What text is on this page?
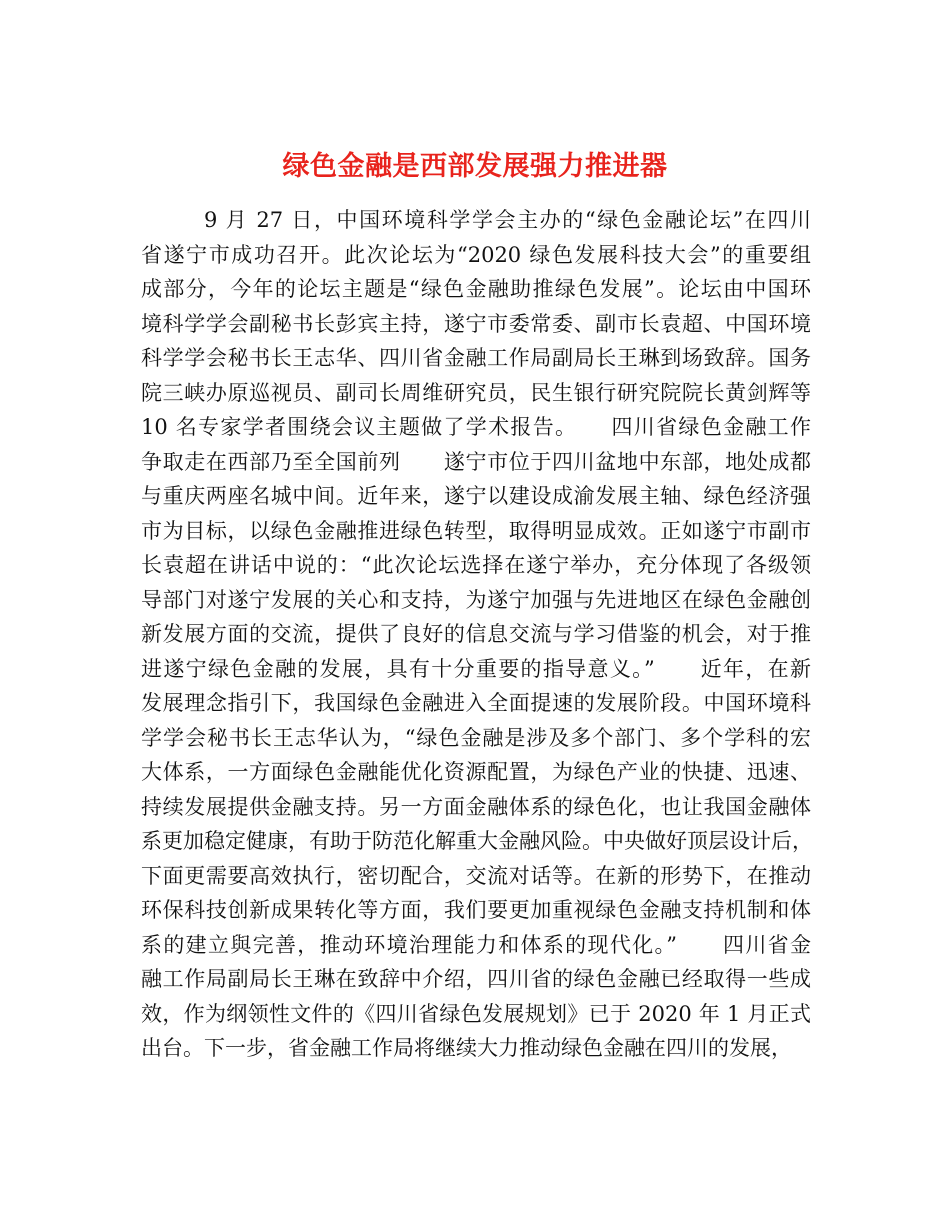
绿色金融是西部发展强力推进器
9 月 27 日，中国环境科学学会主办的“绿色金融论坛”在四川
省遂宁市成功召开。此次论坛为“2020 绿色发展科技大会”的重要组
成部分，今年的论坛主题是“绿色金融助推绿色发展”。论坛由中国环
境科学学会副秘书长彭宾主持，遂宁市委常委、副市长袁超、中国环境
科学学会秘书长王志华、四川省金融工作局副局长王琳到场致辞。国务
院三峡办原巡视员、副司长周维研究员，民生银行研究院院长黄剑辉等
10 名专家学者围绕会议主题做了学术报告。　　四川省绿色金融工作
争取走在西部乃至全国前列　　遂宁市位于四川盆地中东部，地处成都
与重庆两座名城中间。近年来，遂宁以建设成渝发展主轴、绿色经济强
市为目标，以绿色金融推进绿色转型，取得明显成效。正如遂宁市副市
长袁超在讲话中说的：“此次论坛选择在遂宁举办，充分体现了各级领
导部门对遂宁发展的关心和支持，为遂宁加强与先进地区在绿色金融创
新发展方面的交流，提供了良好的信息交流与学习借鉴的机会，对于推
进遂宁绿色金融的发展，具有十分重要的指导意义。”　　近年，在新
发展理念指引下，我国绿色金融进入全面提速的发展阶段。中国环境科
学学会秘书长王志华认为，“绿色金融是涉及多个部门、多个学科的宏
大体系，一方面绿色金融能优化资源配置，为绿色产业的快捷、迅速、
持续发展提供金融支持。另一方面金融体系的绿色化，也让我国金融体
系更加稳定健康，有助于防范化解重大金融风险。中央做好顶层设计后，
下面更需要高效执行，密切配合，交流对话等。在新的形势下，在推动
环保科技创新成果转化等方面，我们要更加重视绿色金融支持机制和体
系的建立與完善，推动环境治理能力和体系的现代化。”　　四川省金
融工作局副局长王琳在致辞中介绍，四川省的绿色金融已经取得一些成
效，作为纲领性文件的《四川省绿色发展规划》已于 2020 年 1 月正式
出台。下一步，省金融工作局将继续大力推动绿色金融在四川的发展，
